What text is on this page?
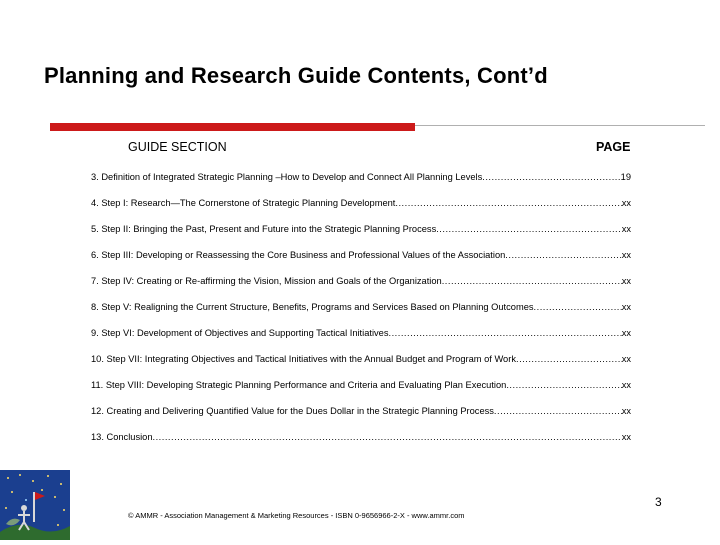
Planning and Research Guide Contents, Cont’d
GUIDE SECTION	PAGE
3. Definition of Integrated Strategic Planning –How to Develop and Connect All Planning Levels .....	19
4. Step I: Research—The Cornerstone of Strategic Planning Development .....	xx
5. Step II: Bringing the Past, Present and Future into the Strategic Planning Process .....	xx
6. Step III: Developing or Reassessing the Core Business and Professional Values of the Association .....	xx
7. Step IV: Creating or Re-affirming the Vision, Mission and Goals of the Organization .....	xx
8. Step V: Realigning the Current Structure, Benefits, Programs and Services Based on Planning Outcomes .....	xx
9. Step VI: Development of Objectives and Supporting Tactical Initiatives .....	xx
10. Step VII: Integrating Objectives and Tactical Initiatives with the Annual Budget and Program of Work .....	xx
11. Step VIII: Developing Strategic Planning Performance and Criteria and Evaluating Plan Execution .....	xx
12. Creating and Delivering Quantified Value for the Dues Dollar in the Strategic Planning Process .....	xx
13. Conclusion .....	xx
© AMMR - Association Management & Marketing Resources - ISBN 0-9656966-2-X - www.ammr.com
3
